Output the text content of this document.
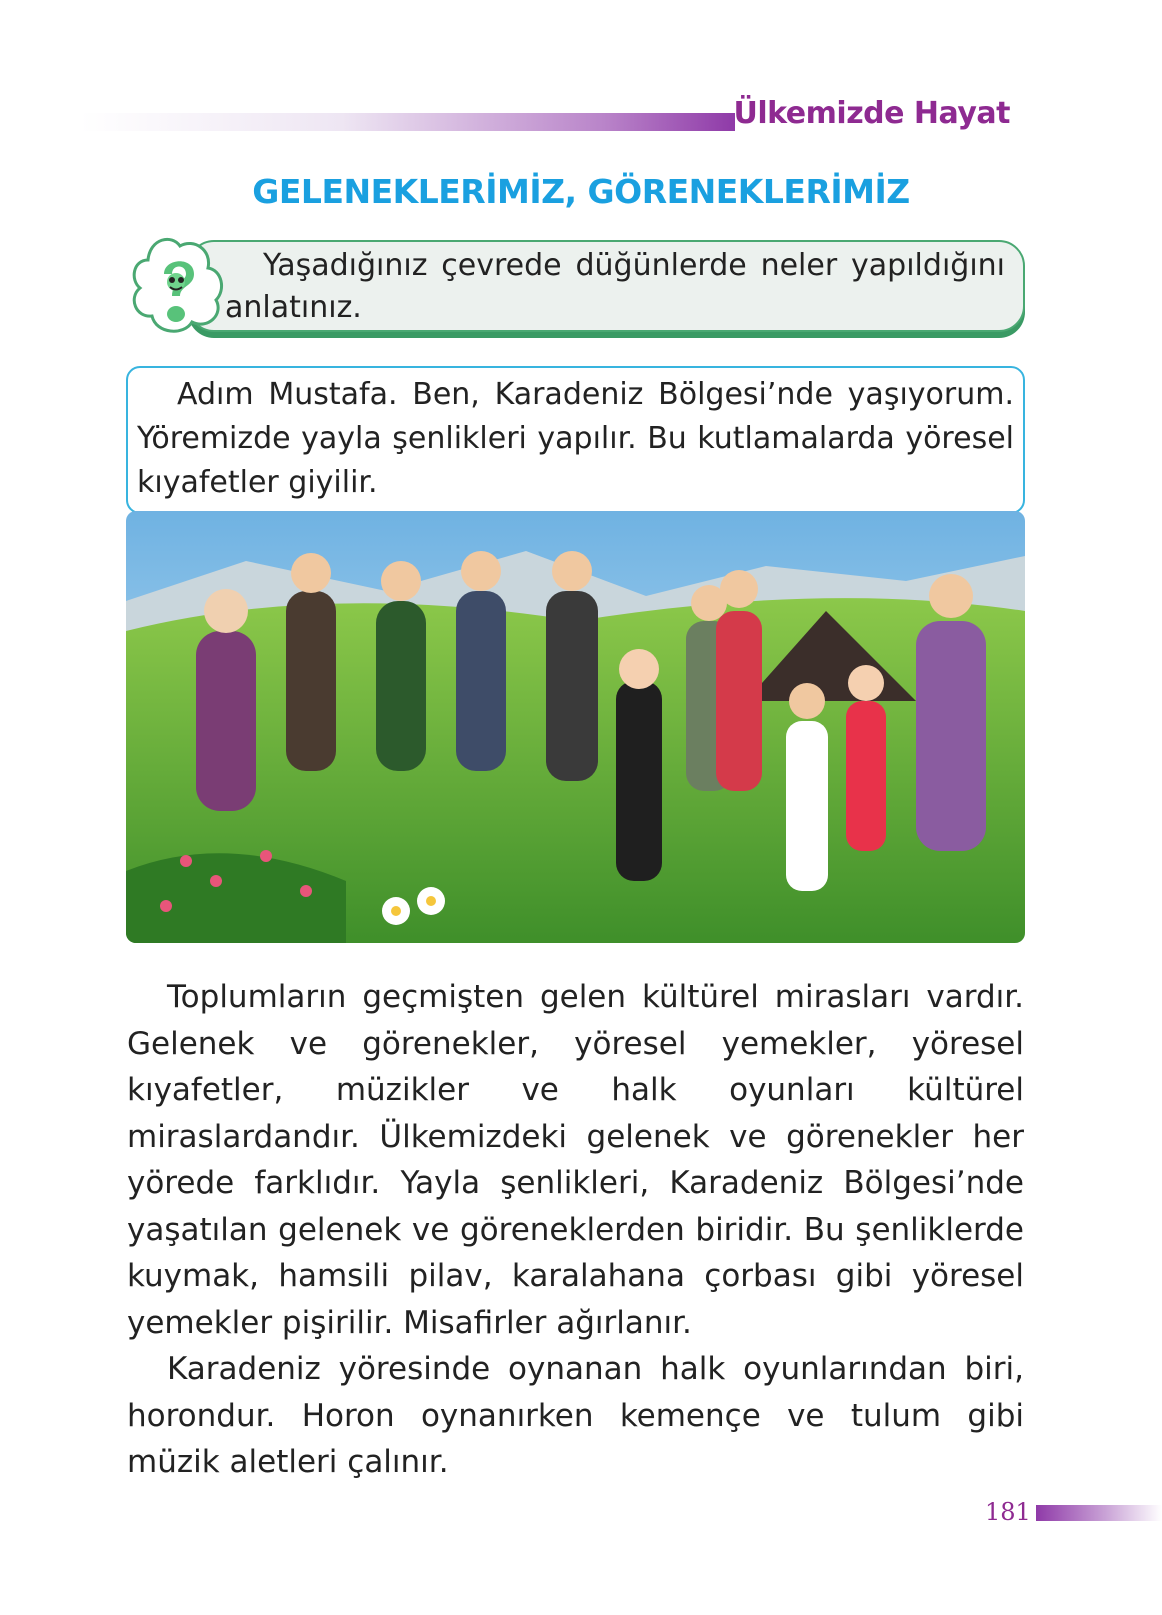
Ülkemizde Hayat
GELENEKLERİMİZ, GÖRENEKLERİMİZ
Yaşadığınız çevrede düğünlerde neler yapıldığını anlatınız.
Adım Mustafa. Ben, Karadeniz Bölgesi’nde yaşıyorum. Yöremizde yayla şenlikleri yapılır. Bu kutlamalarda yöresel kıyafetler giyilir.

Toplumların geçmişten gelen kültürel mirasları vardır. Gelenek ve görenekler, yöresel yemekler, yöresel kıyafetler, müzikler ve halk oyunları kültürel miraslardandır. Ülkemizdeki gelenek ve görenekler her yörede farklıdır. Yayla şenlikleri, Karadeniz Bölgesi’nde yaşatılan gelenek ve göreneklerden biridir. Bu şenliklerde kuymak, hamsili pilav, karalahana çorbası gibi yöresel yemekler pişirilir. Misafirler ağırlanır.

Karadeniz yöresinde oynanan halk oyunlarından biri, horondur. Horon oynanırken kemençe ve tulum gibi müzik aletleri çalınır.

181
